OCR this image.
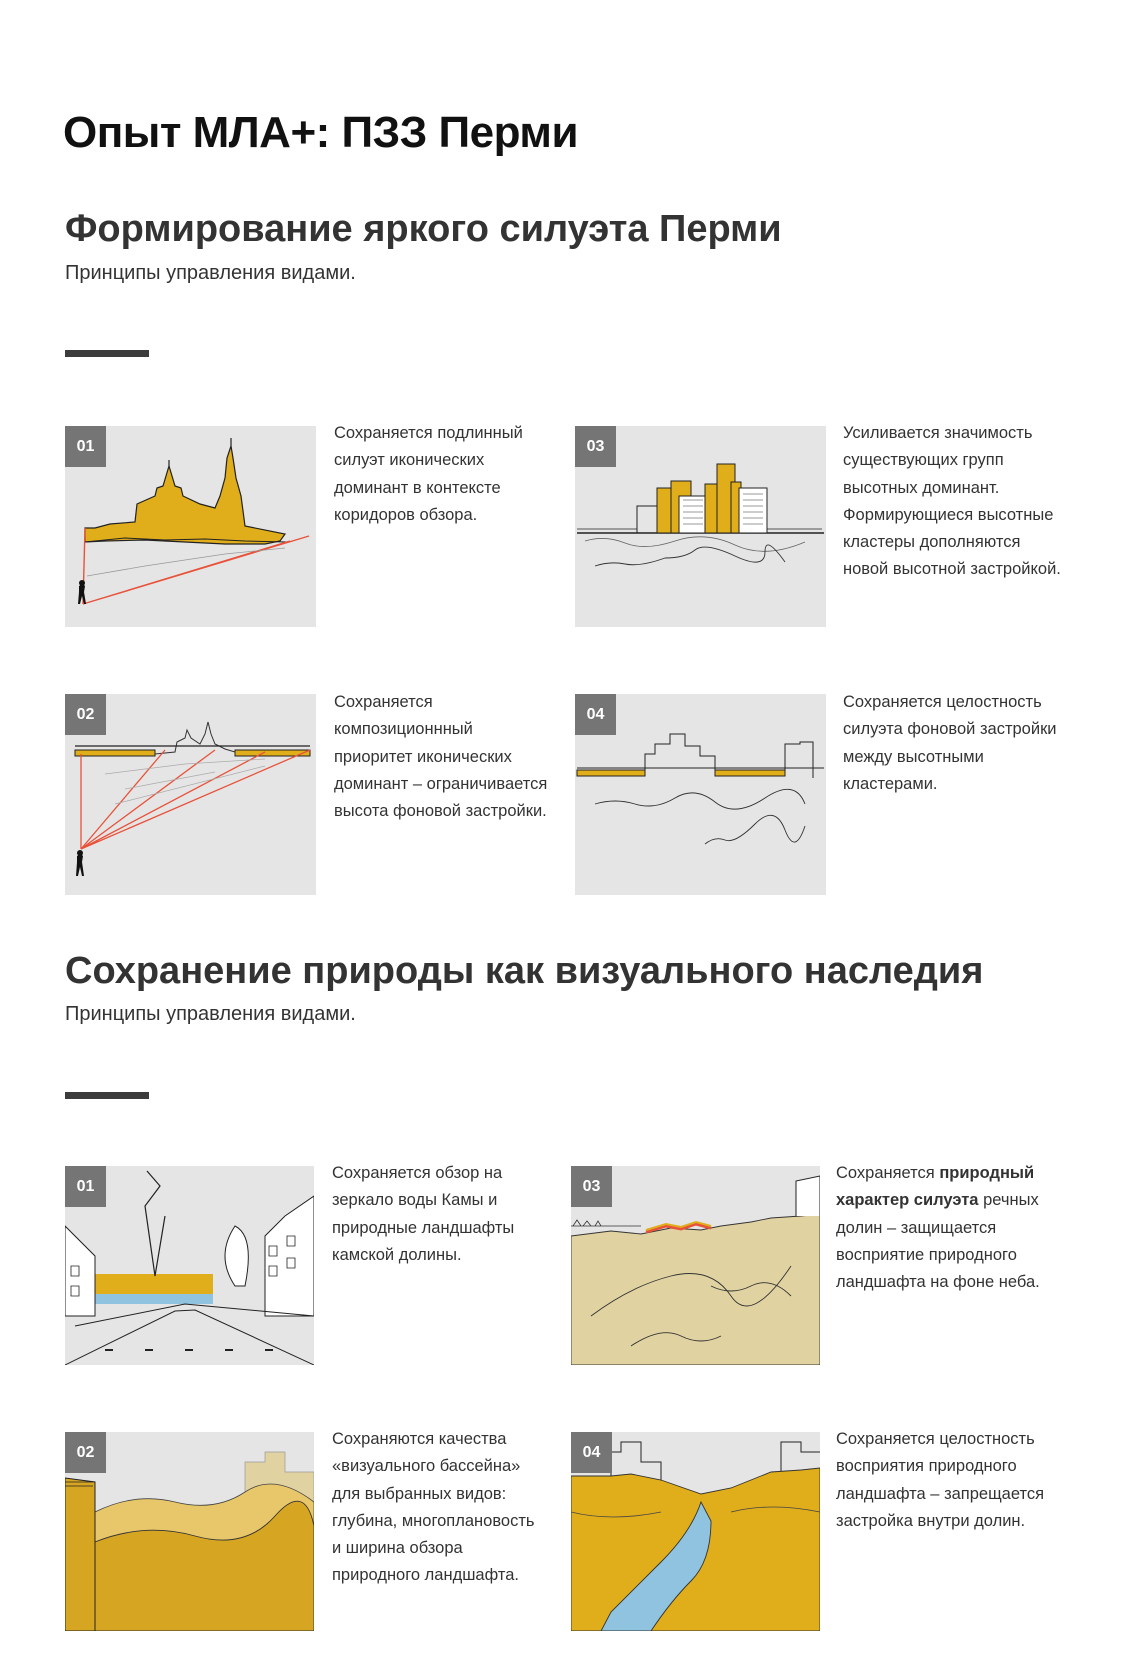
Опыт МЛА+: ПЗЗ Перми
Формирование яркого силуэта Перми

Принципы управления видами.

01

Сохраняется подлинный силуэт иконических доминант в контексте коридоров обзора.

03

Усиливается значимость существующих групп высотных доминант. Формирующиеся высотные кластеры дополняются новой высотной застройкой.

02

Сохраняется композиционнный приоритет иконических доминант – ограничивается высота фоновой застройки.

04

Сохраняется целостность силуэта фоновой застройки между высотными кластерами.

Сохранение природы как визуального наследия

Принципы управления видами.

01

Сохраняется обзор на зеркало воды Камы и природные ландшафты камской долины.

03

Сохраняется природный характер силуэта речных долин – защищается восприятие природного ландшафта на фоне неба.

02

Сохраняются качества «визуального бассейна» для выбранных видов: глубина, многоплановость и ширина обзора природного ландшафта.

04

Сохраняется целостность восприятия природного ландшафта – запрещается застройка внутри долин.
